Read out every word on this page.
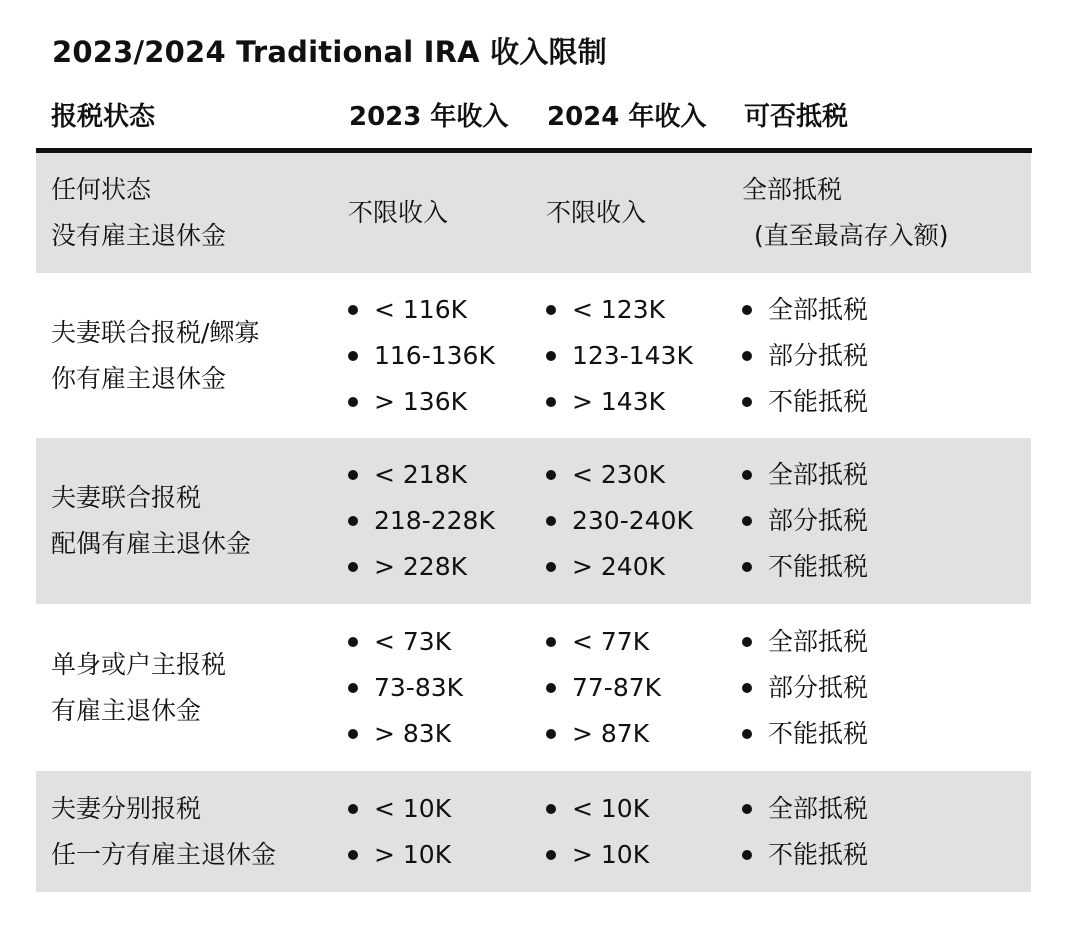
2023/2024 Traditional IRA 收入限制
报税状态	2023 年收入 2024 年收入 可否抵税
任何状态
没有雇主退休金
不限收入	不限收入
全部抵税
(直至最高存入额)
夫妻联合报税/鳏寡
你有雇主退休金
< 116K
116-136K
> 136K
< 123K
123-143K
> 143K
全部抵税
部分抵税
不能抵税
夫妻联合报税
配偶有雇主退休金
< 218K
218-228K
> 228K
< 230K
230-240K
> 240K
全部抵税
部分抵税
不能抵税
单身或户主报税
有雇主退休金
< 73K
73-83K
> 83K
< 77K
77-87K
> 87K
全部抵税
部分抵税
不能抵税
夫妻分别报税
任一方有雇主退休金
< 10K
> 10K
< 10K
> 10K
全部抵税
不能抵税
